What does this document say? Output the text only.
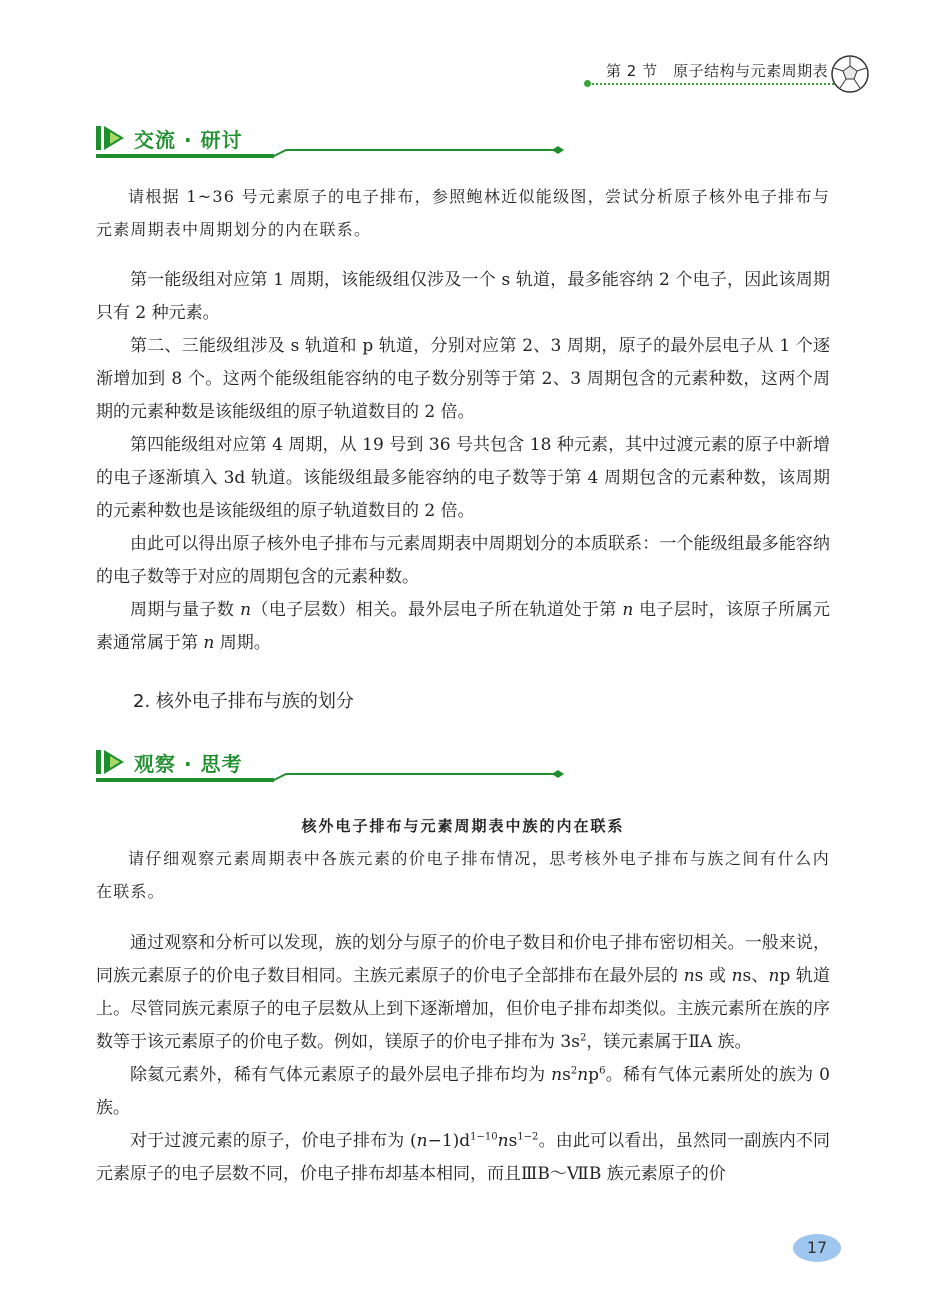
第 2 节　原子结构与元素周期表
交流 · 研讨

请根据 1~36 号元素原子的电子排布，参照鲍林近似能级图，尝试分析原子核外电子排布与元素周期表中周期划分的内在联系。

第一能级组对应第 1 周期，该能级组仅涉及一个 s 轨道，最多能容纳 2 个电子，因此该周期只有 2 种元素。

第二、三能级组涉及 s 轨道和 p 轨道，分别对应第 2、3 周期，原子的最外层电子从 1 个逐渐增加到 8 个。这两个能级组能容纳的电子数分别等于第 2、3 周期包含的元素种数，这两个周期的元素种数是该能级组的原子轨道数目的 2 倍。

第四能级组对应第 4 周期，从 19 号到 36 号共包含 18 种元素，其中过渡元素的原子中新增的电子逐渐填入 3d 轨道。该能级组最多能容纳的电子数等于第 4 周期包含的元素种数，该周期的元素种数也是该能级组的原子轨道数目的 2 倍。

由此可以得出原子核外电子排布与元素周期表中周期划分的本质联系：一个能级组最多能容纳的电子数等于对应的周期包含的元素种数。

周期与量子数 n（电子层数）相关。最外层电子所在轨道处于第 n 电子层时，该原子所属元素通常属于第 n 周期。

2. 核外电子排布与族的划分
观察 · 思考
核外电子排布与元素周期表中族的内在联系

请仔细观察元素周期表中各族元素的价电子排布情况，思考核外电子排布与族之间有什么内在联系。

通过观察和分析可以发现，族的划分与原子的价电子数目和价电子排布密切相关。一般来说，同族元素原子的价电子数目相同。主族元素原子的价电子全部排布在最外层的 ns 或 ns、np 轨道上。尽管同族元素原子的电子层数从上到下逐渐增加，但价电子排布却类似。主族元素所在族的序数等于该元素原子的价电子数。例如，镁原子的价电子排布为 $3s^2$，镁元素属于ⅡA 族。

除氦元素外，稀有气体元素原子的最外层电子排布均为 $ns^2np^6$。稀有气体元素所处的族为 0 族。

对于过渡元素的原子，价电子排布为 $(n-1)d^{1-10}ns^{1-2}$。由此可以看出，虽然同一副族内不同元素原子的电子层数不同，价电子排布却基本相同，而且ⅢB～ⅦB 族元素原子的价

17
